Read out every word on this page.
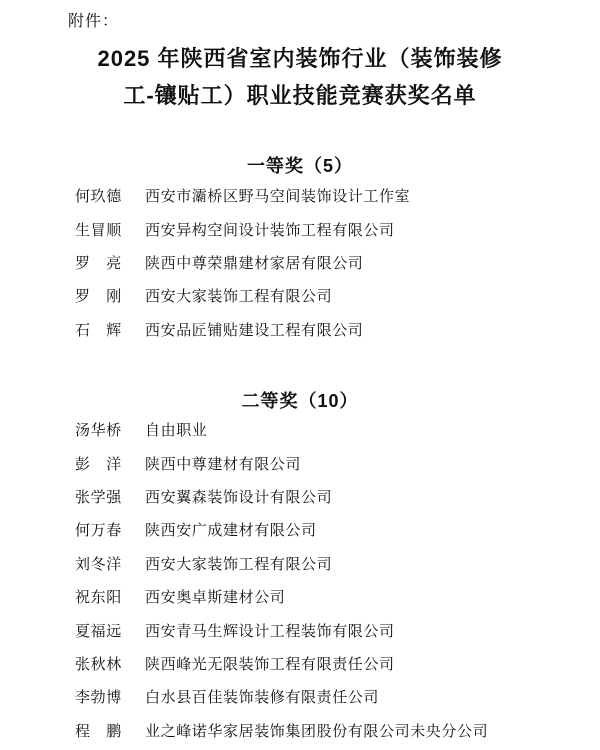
附件：
2025 年陕西省室内装饰行业（装饰装修
工-镶贴工）职业技能竞赛获奖名单
一等奖（5）
何玖德	西安市灞桥区野马空间装饰设计工作室
生冒顺	西安异构空间设计装饰工程有限公司
罗　亮	陕西中尊荣鼎建材家居有限公司
罗　刚	西安大家装饰工程有限公司
石　辉	西安品匠铺贴建设工程有限公司
二等奖（10）
汤华桥	自由职业
彭　洋	陕西中尊建材有限公司
张学强	西安翼森装饰设计有限公司
何万春	陕西安广成建材有限公司
刘冬洋	西安大家装饰工程有限公司
祝东阳	西安奥卓斯建材公司
夏福远	西安青马生辉设计工程装饰有限公司
张秋林	陕西峰光无限装饰工程有限责任公司
李勃博	白水县百佳装饰装修有限责任公司
程　鹏	业之峰诺华家居装饰集团股份有限公司未央分公司
